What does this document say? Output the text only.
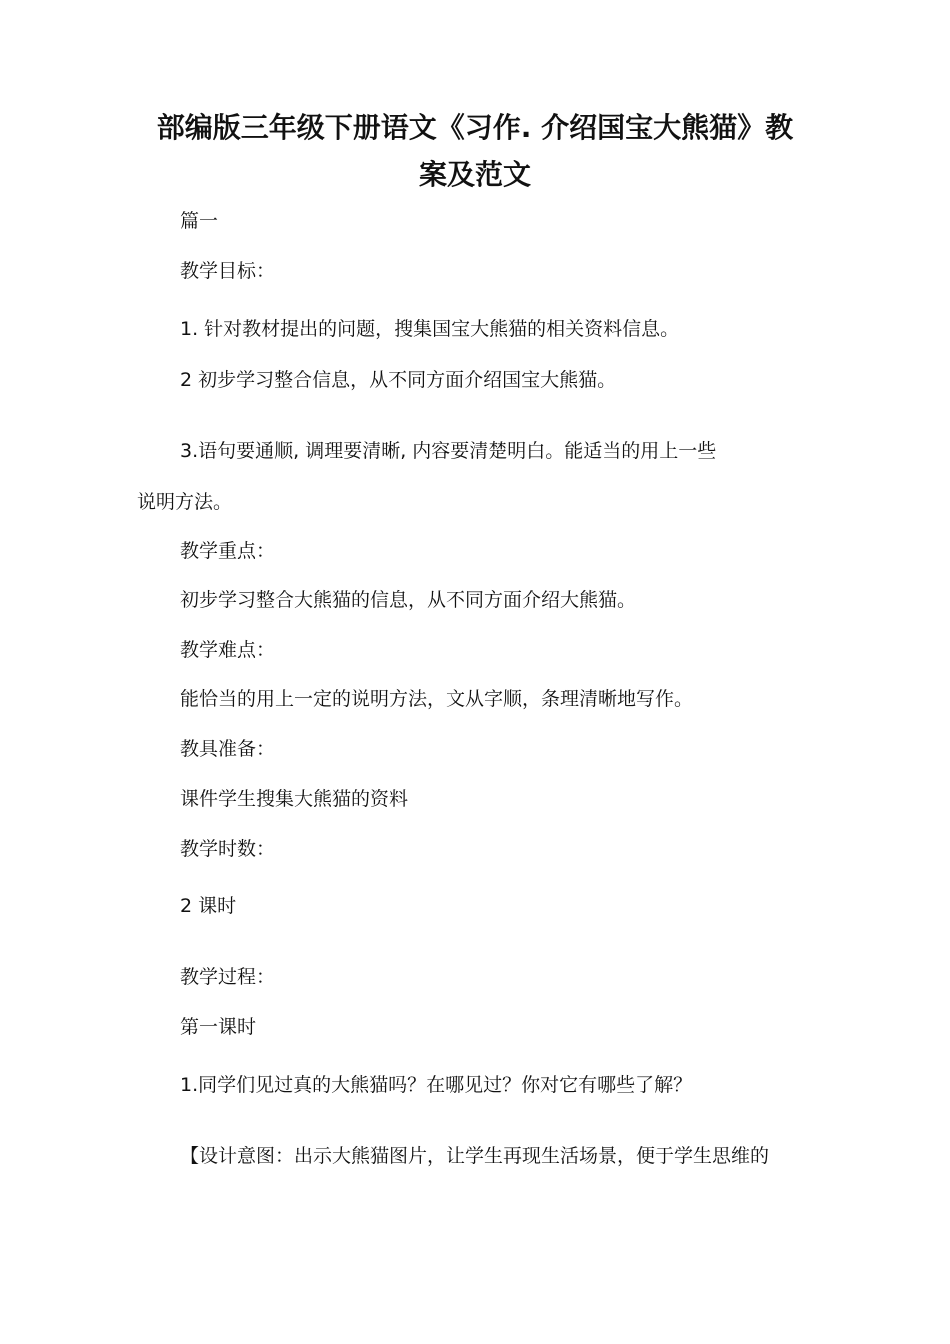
部编版三年级下册语文《习作. 介绍国宝大熊猫》教
案及范文
篇一
教学目标：
1. 针对教材提出的问题，搜集国宝大熊猫的相关资料信息。
2 初步学习整合信息，从不同方面介绍国宝大熊猫。
3.语句要通顺, 调理要清晰, 内容要清楚明白。能适当的用上一些
说明方法。
教学重点：
初步学习整合大熊猫的信息，从不同方面介绍大熊猫。
教学难点：
能恰当的用上一定的说明方法，文从字顺，条理清晰地写作。
教具准备：
课件学生搜集大熊猫的资料
教学时数：
2 课时
教学过程：
第一课时
1.同学们见过真的大熊猫吗？在哪见过？你对它有哪些了解？
【设计意图：出示大熊猫图片，让学生再现生活场景，便于学生思维的
